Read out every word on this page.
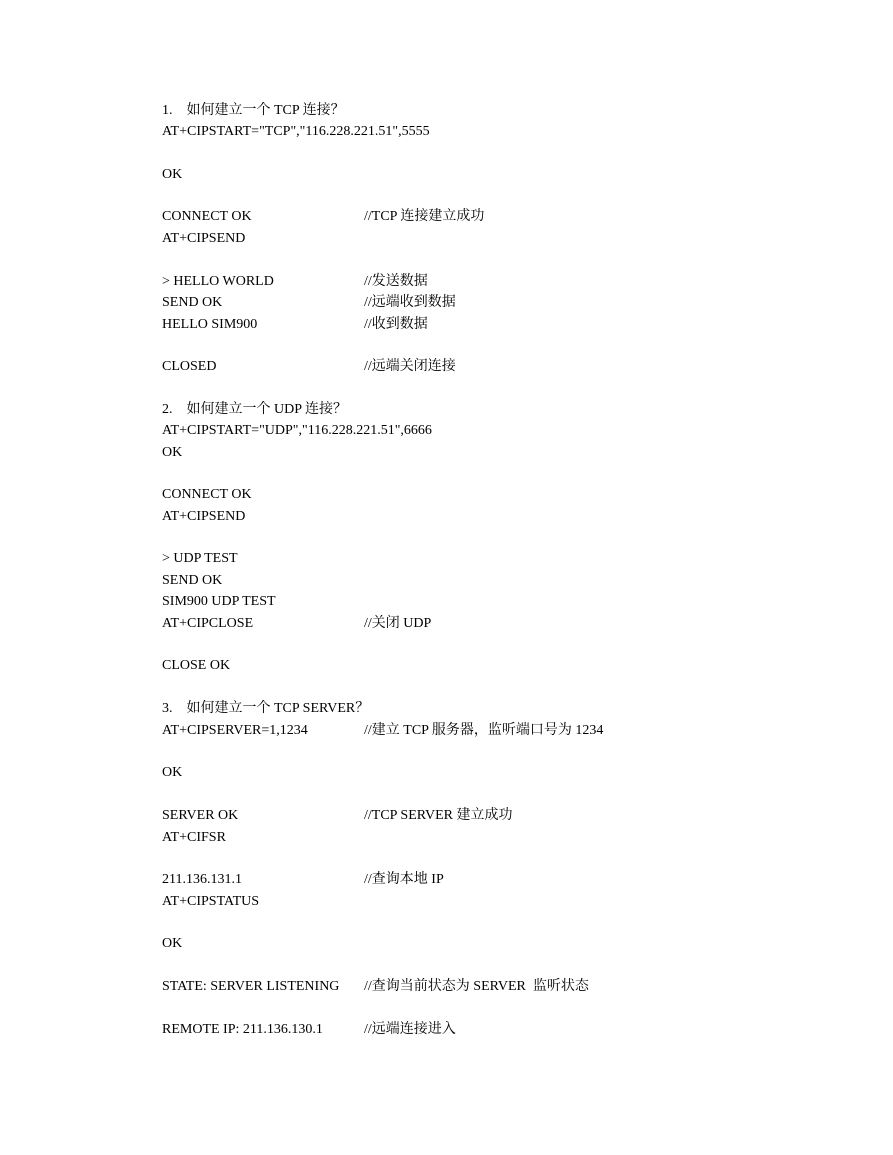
1.　如何建立一个 TCP 连接？
AT+CIPSTART="TCP","116.228.221.51",5555
OK
CONNECT OK	//TCP 连接建立成功
AT+CIPSEND
> HELLO WORLD	//发送数据
SEND OK	//远端收到数据
HELLO SIM900	//收到数据
CLOSED	//远端关闭连接
2.　如何建立一个 UDP 连接？
AT+CIPSTART="UDP","116.228.221.51",6666
OK
CONNECT OK
AT+CIPSEND
> UDP TEST
SEND OK
SIM900 UDP TEST
AT+CIPCLOSE	//关闭 UDP
CLOSE OK
3.　如何建立一个 TCP SERVER？
AT+CIPSERVER=1,1234	//建立 TCP 服务器，监听端口号为 1234
OK
SERVER OK	//TCP SERVER 建立成功
AT+CIFSR
211.136.131.1	//查询本地 IP
AT+CIPSTATUS
OK
STATE: SERVER LISTENING //查询当前状态为 SERVER  监听状态
REMOTE IP: 211.136.130.1	//远端连接进入
